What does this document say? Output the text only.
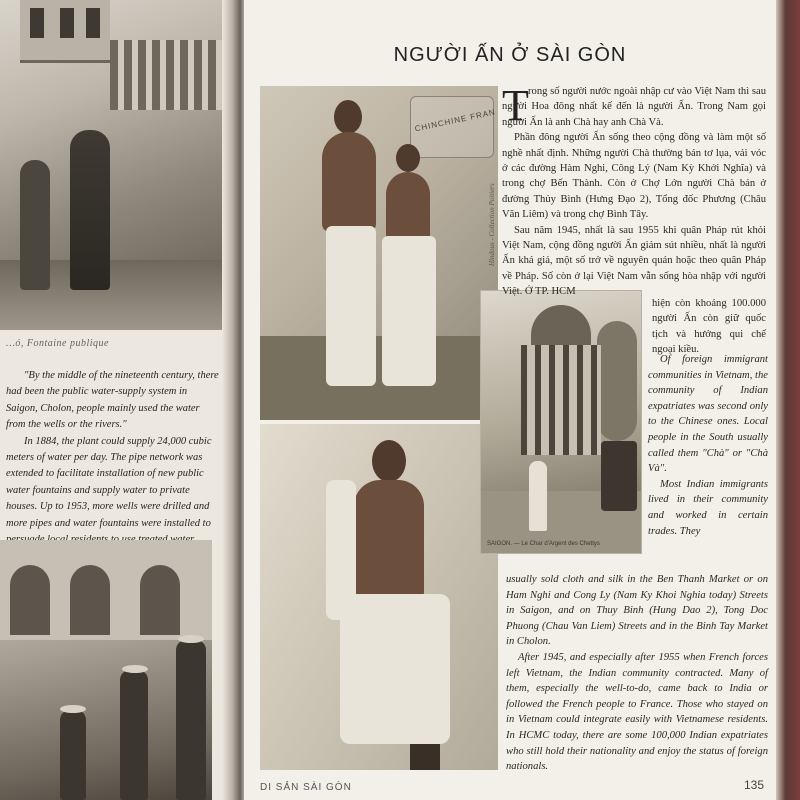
…ó, Fontaine publique

"By the middle of the nineteenth century, there had been the public water-supply system in Saigon, Cholon, people mainly used the water from the wells or the rivers."

In 1884, the plant could supply 24,000 cubic meters of water per day. The pipe network was extended to facilitate installation of new public water fountains and supply water to private houses. Up to 1953, more wells were drilled and more pipes and water fountains were installed to

NGƯỜI ẤN Ở SÀI GÒN
CHINCHINE FRAN
Hindous - Collection Poitiers
SAIGON. — Le Char d'Argent des Chettys
T rong số người nước ngoài nhập cư vào Việt Nam thì sau người Hoa đông nhất kế đến là người Ấn. Trong Nam gọi người Ấn là anh Chà hay anh Chà Và.

Phần đông người Ấn sống theo cộng đồng và làm một số nghề nhất định. Những người Chà thường bán tơ lụa, vải vóc ở các đường Hàm Nghi, Công Lý (Nam Kỳ Khởi Nghĩa) và trong chợ Bến Thành. Còn ở Chợ Lớn người Chà bán ở đường Thủy Bình (Hưng Đạo 2), Tổng đốc Phương (Châu Văn Liêm) và trong chợ Bình Tây.

Sau năm 1945, nhất là sau 1955 khi quân Pháp rút khỏi Việt Nam, cộng đồng người Ấn giảm sút nhiều, nhất là người Ấn khá giả, một số trở về nguyên quán hoặc theo quân Pháp về Pháp. Số còn ở lại Việt Nam vẫn sống hòa nhập với người Việt. Ở TP. HCM

hiện còn khoảng 100.000 người Ấn còn giữ quốc tịch và hưởng qui chế ngoại kiều.

Of foreign immigrant communities in Vietnam, the community of Indian expatriates was second only to the Chinese ones. Local people in the South usually called them "Chà" or "Chà Và".

Most Indian immigrants lived in their community and worked in certain trades. They

usually sold cloth and silk in the Ben Thanh Market or on Ham Nghi and Cong Ly (Nam Ky Khoi Nghia today) Streets in Saigon, and on Thuy Binh (Hung Dao 2), Tong Doc Phuong (Chau Van Liem) Streets and in the Binh Tay Market in Cholon.

After 1945, and especially after 1955 when French forces left Vietnam, the Indian community contracted. Many of them, especially the well-to-do, came back to India or followed the French people to France. Those who stayed on in Vietnam could integrate easily with Vietnamese residents. In HCMC today, there are some 100,000 Indian expatriates who still hold their nationality and enjoy the status of foreign nationals.

DI SẢN SÀI GÒN	135
